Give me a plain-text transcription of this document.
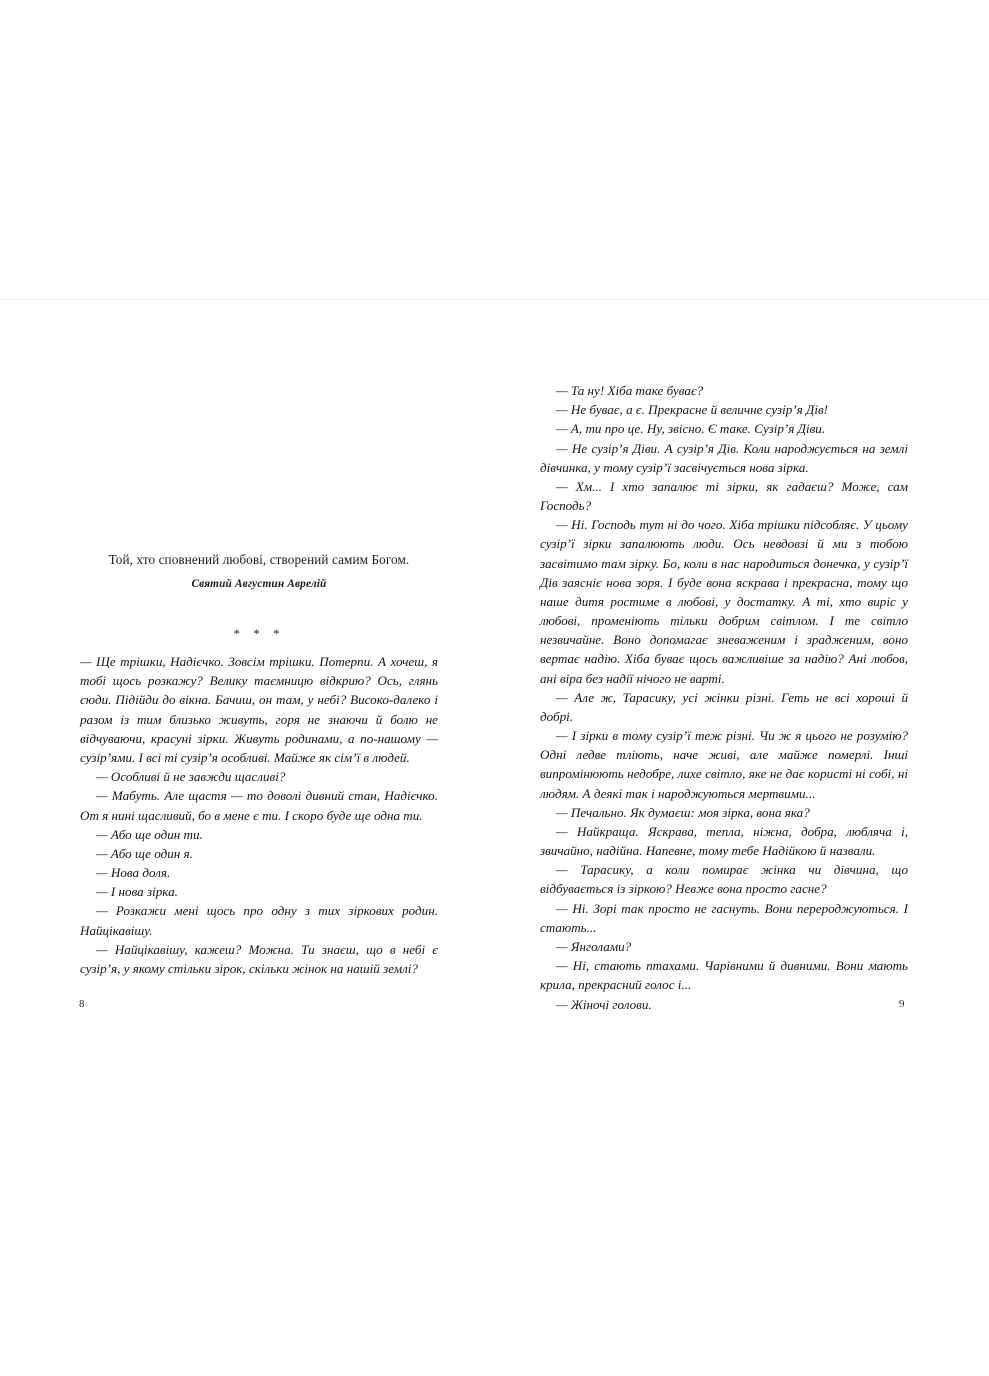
Той, хто сповнений любові, створений самим Богом.
Святий Августин Аврелій
* * *

— Ще трішки, Надієчко. Зовсім трішки. Потерпи. А хочеш, я тобі щось розкажу? Велику таємницю відкрию? Ось, глянь сюди. Підійди до вікна. Бачиш, он там, у небі? Високо-далеко і разом із тим близько живуть, горя не знаючи й болю не відчуваючи, красуні зірки. Живуть родинами, а по-нашому — сузір’ями. І всі ті сузір’я особливі. Майже як сім’ї в людей.

— Особливі й не завжди щасливі?

— Мабуть. Але щастя — то доволі дивний стан, Надієчко. От я нині щасливий, бо в мене є ти. І скоро буде ще одна ти.

— Або ще один ти.

— Або ще один я.

— Нова доля.

— І нова зірка.

— Розкажи мені щось про одну з тих зіркових родин. Найцікавішу.

— Найцікавішу, кажеш? Можна. Ти знаєш, що в небі є сузір’я, у якому стільки зірок, скільки жінок на нашій землі?

— Та ну! Хіба таке буває?

— Не буває, а є. Прекрасне й величне сузір’я Дів!

— А, ти про це. Ну, звісно. Є таке. Сузір’я Діви.

— Не сузір’я Діви. А сузір’я Дів. Коли народжується на землі дівчинка, у тому сузір’ї засвічується нова зірка.

— Хм... І хто запалює ті зірки, як гадаєш? Може, сам Господь?

— Ні. Господь тут ні до чого. Хіба трішки підсобляє. У цьому сузір’ї зірки запалюють люди. Ось невдовзі й ми з тобою засвітимо там зірку. Бо, коли в нас народиться донечка, у сузір’ї Дів заясніє нова зоря. І буде вона яскрава і прекрасна, тому що наше дитя ростиме в любові, у достатку. А ті, хто виріс у любові, променіють тільки добрим світлом. І те світло незвичайне. Воно допомагає зневаженим і зрадженим, воно вертає надію. Хіба буває щось важливіше за надію? Ані любов, ані віра без надії нічого не варті.

— Але ж, Тарасику, усі жінки різні. Геть не всі хороші й добрі.

— І зірки в тому сузір’ї теж різні. Чи ж я цього не розумію? Одні ледве тліють, наче живі, але майже померлі. Інші випромінюють недобре, лихе світло, яке не дає користі ні собі, ні людям. А деякі так і народжуються мертвими...

— Печально. Як думаєш: моя зірка, вона яка?

— Найкраща. Яскрава, тепла, ніжна, добра, любляча і, звичайно, надійна. Напевне, тому тебе Надійкою й назвали.

— Тарасику, а коли помирає жінка чи дівчина, що відбувається із зіркою? Невже вона просто гасне?

— Ні. Зорі так просто не гаснуть. Вони перероджуються. І стають...

— Янголами?

— Ні, стають птахами. Чарівними й дивними. Вони мають крила, прекрасний голос і...

— Жіночі голови.

8	9
